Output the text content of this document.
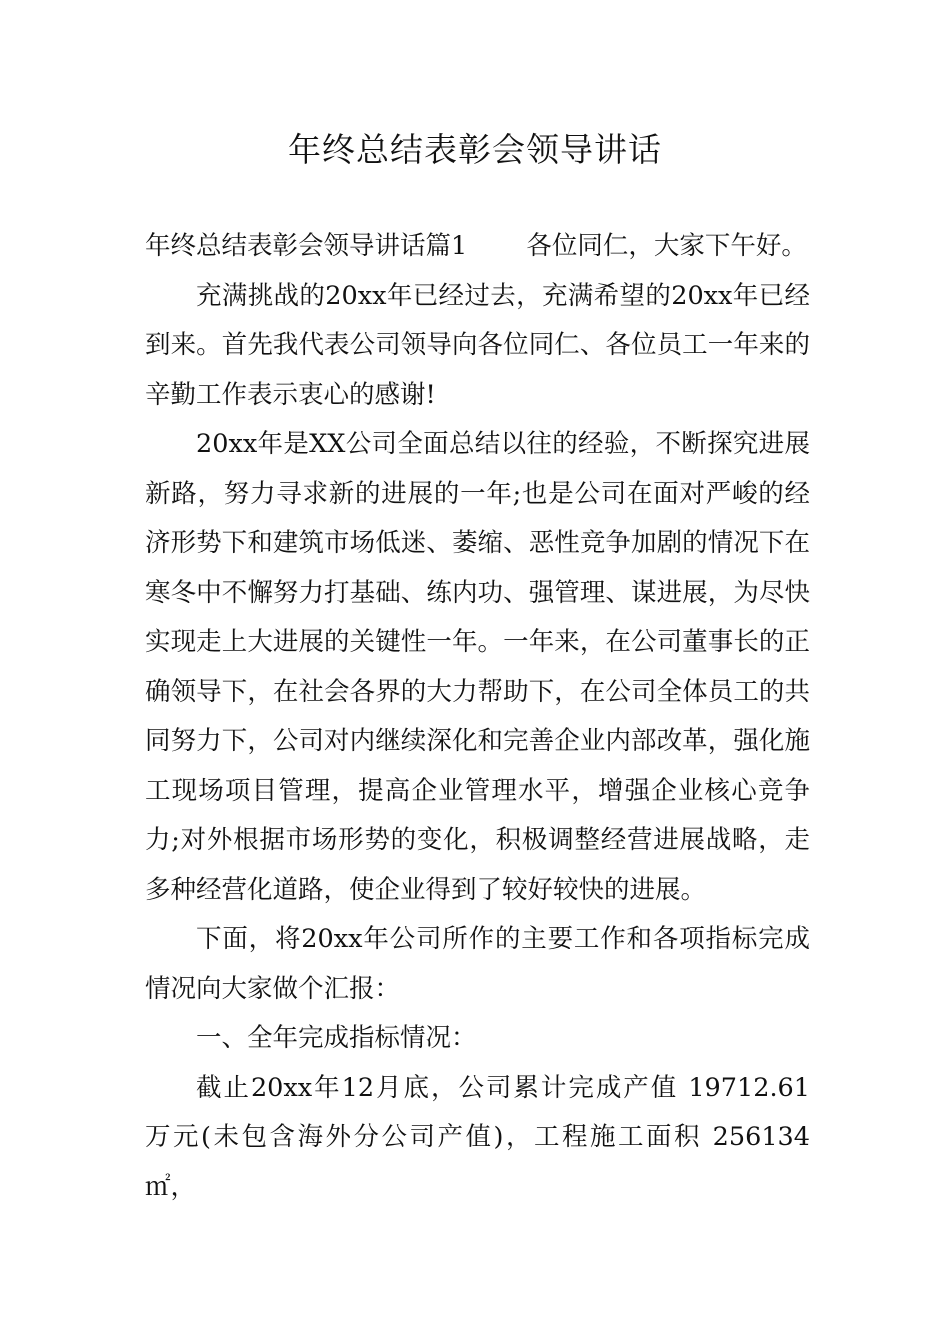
年终总结表彰会领导讲话

年终总结表彰会领导讲话篇1　　 各位同仁，大家下午好。

充满挑战的20xx年已经过去，充满希望的20xx年已经到来。首先我代表公司领导向各位同仁、各位员工一年来的辛勤工作表示衷心的感谢!

20xx年是XX公司全面总结以往的经验，不断探究进展新路，努力寻求新的进展的一年;也是公司在面对严峻的经济形势下和建筑市场低迷、萎缩、恶性竞争加剧的情况下在寒冬中不懈努力打基础、练内功、强管理、谋进展，为尽快实现走上大进展的关键性一年。一年来，在公司董事长的正确领导下，在社会各界的大力帮助下，在公司全体员工的共同努力下，公司对内继续深化和完善企业内部改革，强化施工现场项目管理，提高企业管理水平，增强企业核心竞争力;对外根据市场形势的变化，积极调整经营进展战略，走多种经营化道路，使企业得到了较好较快的进展。

下面，将20xx年公司所作的主要工作和各项指标完成情况向大家做个汇报：

一、全年完成指标情况：

截止20xx年12月底，公司累计完成产值 19712.61 万元(未包含海外分公司产值)，工程施工面积 256134 ㎡，
